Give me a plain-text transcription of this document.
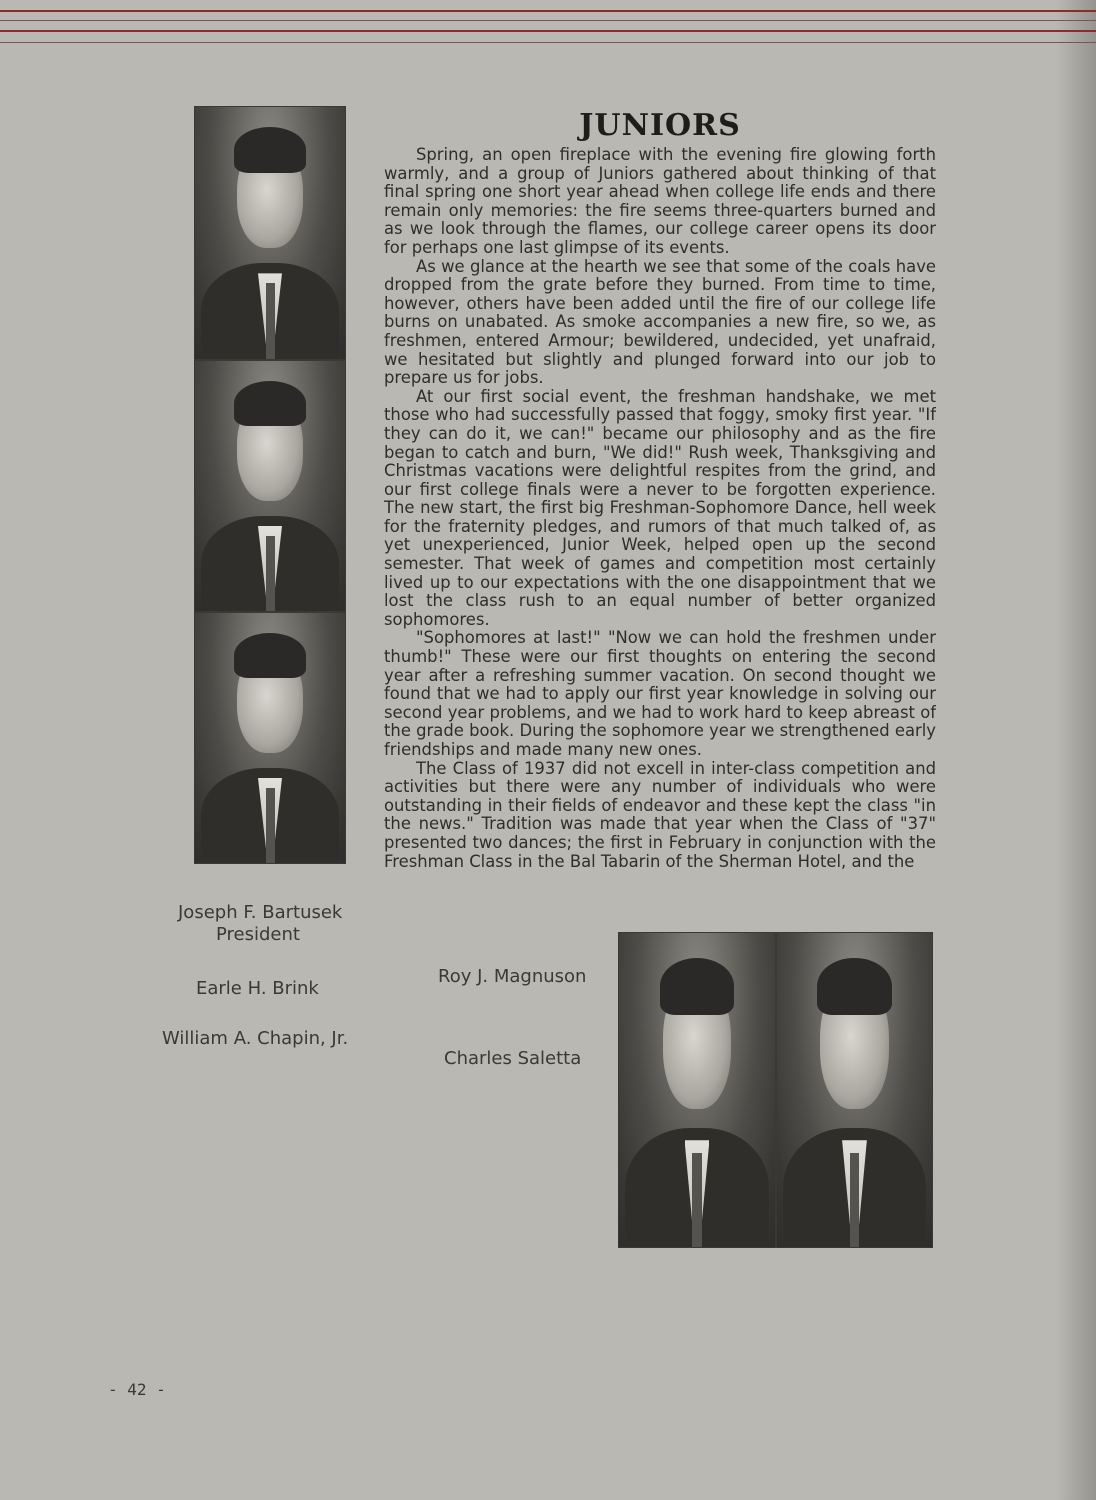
JUNIORS

Spring, an open fireplace with the evening fire glowing forth warmly, and a group of Juniors gathered about thinking of that final spring one short year ahead when college life ends and there remain only memories: the fire seems three-quarters burned and as we look through the flames, our college career opens its door for perhaps one last glimpse of its events.

As we glance at the hearth we see that some of the coals have dropped from the grate before they burned. From time to time, however, others have been added until the fire of our college life burns on unabated. As smoke accompanies a new fire, so we, as freshmen, entered Armour; bewildered, undecided, yet unafraid, we hesitated but slightly and plunged forward into our job to prepare us for jobs.

At our first social event, the freshman handshake, we met those who had successfully passed that foggy, smoky first year. "If they can do it, we can!" became our philosophy and as the fire began to catch and burn, "We did!" Rush week, Thanksgiving and Christmas vacations were delightful respites from the grind, and our first college finals were a never to be forgotten experience. The new start, the first big Freshman-Sophomore Dance, hell week for the fraternity pledges, and rumors of that much talked of, as yet unexperienced, Junior Week, helped open up the second semester. That week of games and competition most certainly lived up to our expectations with the one disappointment that we lost the class rush to an equal number of better organized sophomores.

"Sophomores at last!" "Now we can hold the freshmen under thumb!" These were our first thoughts on entering the second year after a refreshing summer vacation. On second thought we found that we had to apply our first year knowledge in solving our second year problems, and we had to work hard to keep abreast of the grade book. During the sophomore year we strengthened early friendships and made many new ones.

The Class of 1937 did not excell in inter-class competition and activities but there were any number of individuals who were outstanding in their fields of endeavor and these kept the class "in the news." Tradition was made that year when the Class of "37" presented two dances; the first in February in conjunction with the Freshman Class in the Bal Tabarin of the Sherman Hotel, and the

Joseph F. Bartusek
President
Earle H. Brink
William A. Chapin, Jr.
Roy J. Magnuson
Charles Saletta
- 42 -
